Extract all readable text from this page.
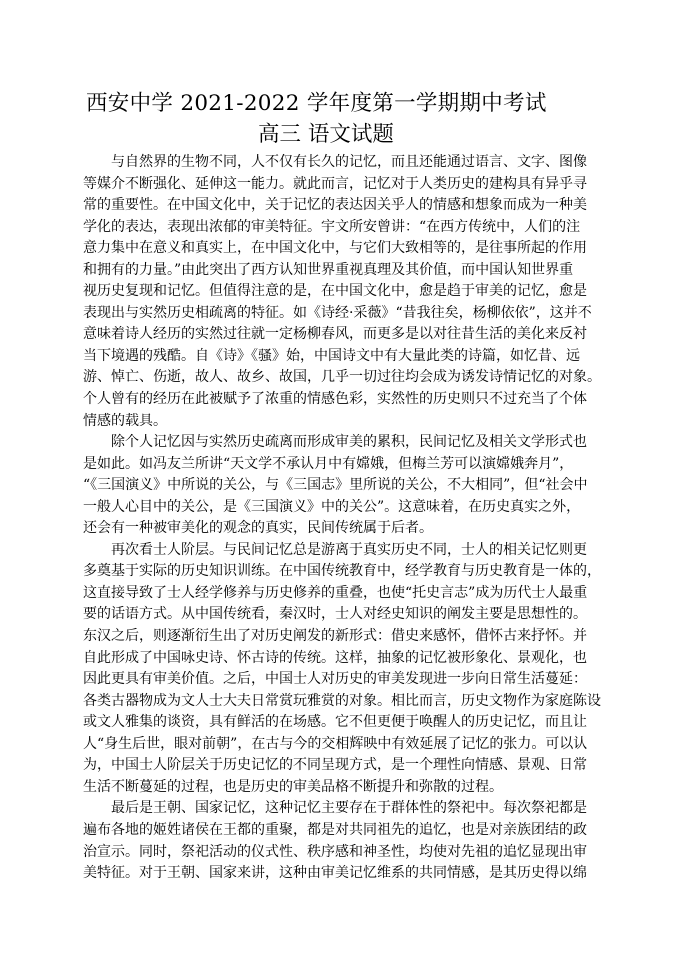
西安中学 2021-2022 学年度第一学期期中考试
高三 语文试题
与自然界的生物不同，人不仅有长久的记忆，而且还能通过语言、文字、图像
等媒介不断强化、延伸这一能力。就此而言，记忆对于人类历史的建构具有异乎寻
常的重要性。在中国文化中，关于记忆的表达因关乎人的情感和想象而成为一种美
学化的表达，表现出浓郁的审美特征。宇文所安曾讲：“在西方传统中，人们的注
意力集中在意义和真实上，在中国文化中，与它们大致相等的，是往事所起的作用
和拥有的力量。”由此突出了西方认知世界重视真理及其价值，而中国认知世界重
视历史复现和记忆。但值得注意的是，在中国文化中，愈是趋于审美的记忆，愈是
表现出与实然历史相疏离的特征。如《诗经·采薇》“昔我往矣，杨柳依依”，这并不
意味着诗人经历的实然过往就一定杨柳春风，而更多是以对往昔生活的美化来反衬
当下境遇的残酷。自《诗》《骚》始，中国诗文中有大量此类的诗篇，如忆昔、远
游、悼亡、伤逝，故人、故乡、故国，几乎一切过往均会成为诱发诗情记忆的对象。
个人曾有的经历在此被赋予了浓重的情感色彩，实然性的历史则只不过充当了个体
情感的载具。
除个人记忆因与实然历史疏离而形成审美的累积，民间记忆及相关文学形式也
是如此。如冯友兰所讲“天文学不承认月中有嫦娥，但梅兰芳可以演嫦娥奔月”，
“《三国演义》中所说的关公，与《三国志》里所说的关公，不大相同”，但“社会中
一般人心目中的关公，是《三国演义》中的关公”。这意味着，在历史真实之外，
还会有一种被审美化的观念的真实，民间传统属于后者。
再次看士人阶层。与民间记忆总是游离于真实历史不同，士人的相关记忆则更
多奠基于实际的历史知识训练。在中国传统教育中，经学教育与历史教育是一体的，
这直接导致了士人经学修养与历史修养的重叠，也使“托史言志”成为历代士人最重
要的话语方式。从中国传统看，秦汉时，士人对经史知识的阐发主要是思想性的。
东汉之后，则逐渐衍生出了对历史阐发的新形式：借史来感怀，借怀古来抒怀。并
自此形成了中国咏史诗、怀古诗的传统。这样，抽象的记忆被形象化、景观化，也
因此更具有审美价值。之后，中国士人对历史的审美发现进一步向日常生活蔓延：
各类古器物成为文人士大夫日常赏玩雅赏的对象。相比而言，历史文物作为家庭陈设
或文人雅集的谈资，具有鲜活的在场感。它不但更便于唤醒人的历史记忆，而且让
人“身生后世，眼对前朝”，在古与今的交相辉映中有效延展了记忆的张力。可以认
为，中国士人阶层关于历史记忆的不同呈现方式，是一个理性向情感、景观、日常
生活不断蔓延的过程，也是历史的审美品格不断提升和弥散的过程。
最后是王朝、国家记忆，这种记忆主要存在于群体性的祭祀中。每次祭祀都是
遍布各地的姬姓诸侯在王都的重聚，都是对共同祖先的追忆，也是对亲族团结的政
治宣示。同时，祭祀活动的仪式性、秩序感和神圣性，均使对先祖的追忆显现出审
美特征。对于王朝、国家来讲，这种由审美记忆维系的共同情感，是其历史得以绵
